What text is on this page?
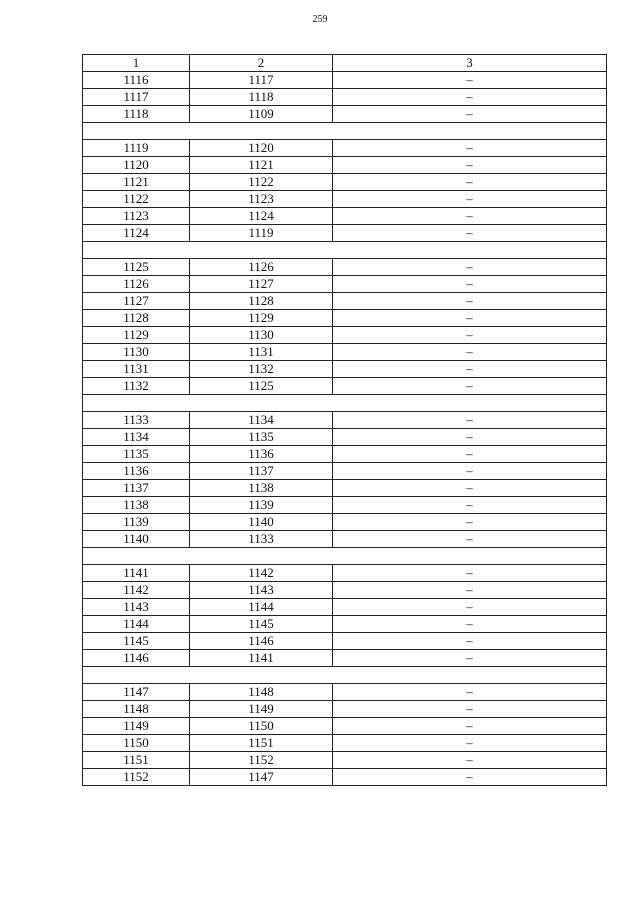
259
1	2	3
1116	1117	–
1117	1118	–
1118	1109	–

1119	1120	–
1120	1121	–
1121	1122	–
1122	1123	–
1123	1124	–
1124	1119	–

1125	1126	–
1126	1127	–
1127	1128	–
1128	1129	–
1129	1130	–
1130	1131	–
1131	1132	–
1132	1125	–

1133	1134	–
1134	1135	–
1135	1136	–
1136	1137	–
1137	1138	–
1138	1139	–
1139	1140	–
1140	1133	–

1141	1142	–
1142	1143	–
1143	1144	–
1144	1145	–
1145	1146	–
1146	1141	–

1147	1148	–
1148	1149	–
1149	1150	–
1150	1151	–
1151	1152	–
1152	1147	–
